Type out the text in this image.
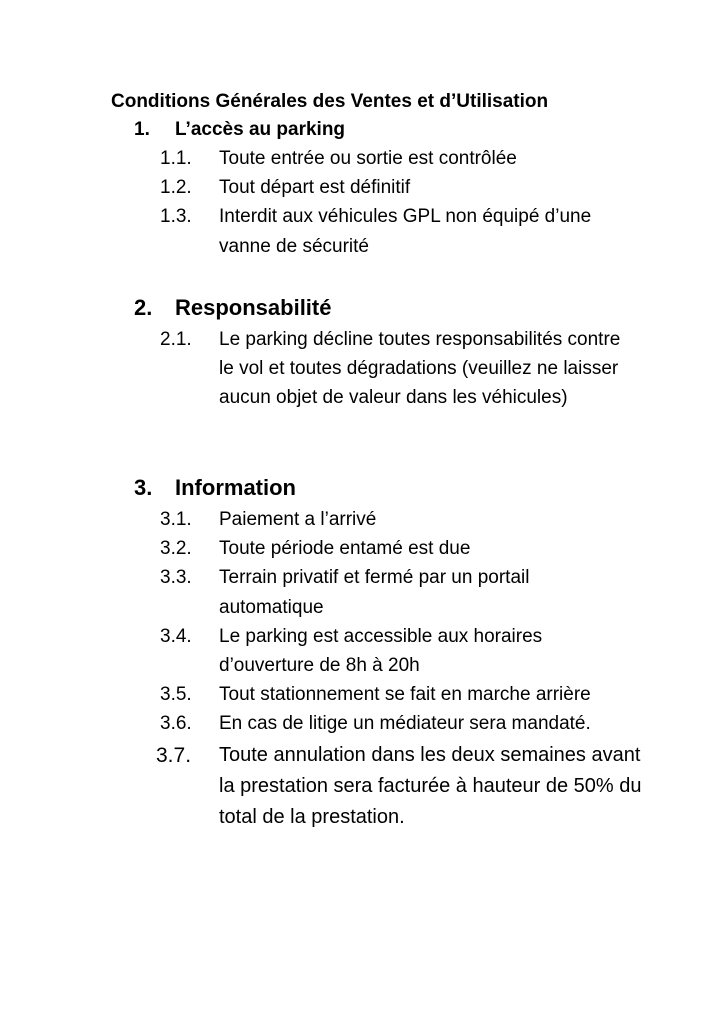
Conditions Générales des Ventes et d’Utilisation
1. L’accès au parking
1.1. Toute entrée ou sortie est contrôlée
1.2. Tout départ est définitif
1.3. Interdit aux véhicules GPL non équipé d’une vanne de sécurité
2. Responsabilité
2.1. Le parking décline toutes responsabilités contre le vol et toutes dégradations (veuillez ne laisser aucun objet de valeur dans les véhicules)
3. Information
3.1. Paiement a l’arrivé
3.2. Toute période entamé est due
3.3. Terrain privatif et fermé par un portail automatique
3.4. Le parking est accessible aux horaires d’ouverture de 8h à 20h
3.5. Tout stationnement se fait en marche arrière
3.6. En cas de litige un médiateur sera mandaté.
3.7. Toute annulation dans les deux semaines avant la prestation sera facturée à hauteur de 50% du total de la prestation.
